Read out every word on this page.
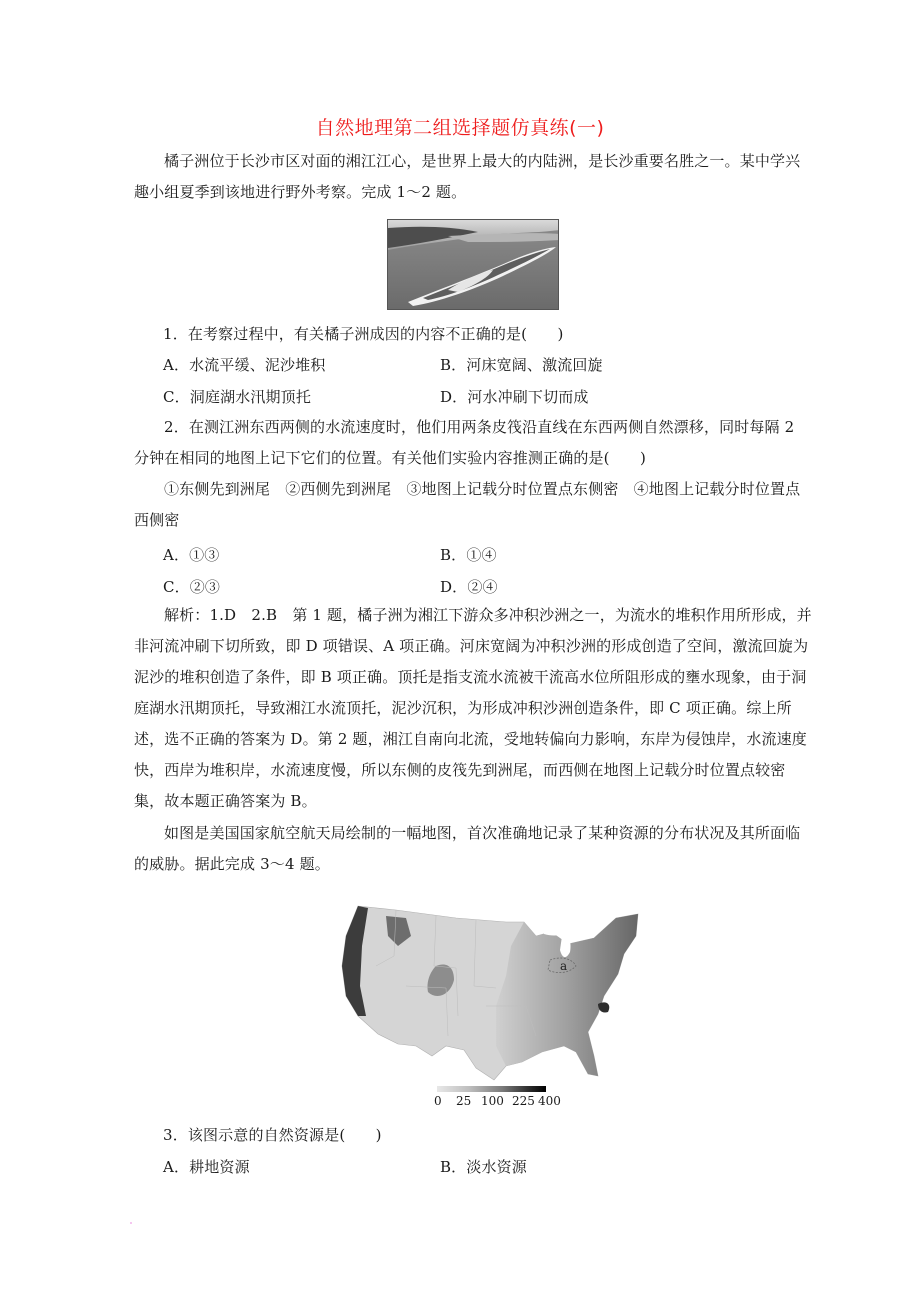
自然地理第二组选择题仿真练(一)
橘子洲位于长沙市区对面的湘江江心，是世界上最大的内陆洲，是长沙重要名胜之一。某中学兴趣小组夏季到该地进行野外考察。完成 1～2 题。
1．在考察过程中，有关橘子洲成因的内容不正确的是(　　)
A．水流平缓、泥沙堆积	B．河床宽阔、激流回旋
C．洞庭湖水汛期顶托	D．河水冲刷下切而成
2．在测江洲东西两侧的水流速度时，他们用两条皮筏沿直线在东西两侧自然漂移，同时每隔 2 分钟在相同的地图上记下它们的位置。有关他们实验内容推测正确的是(　　)
①东侧先到洲尾　②西侧先到洲尾　③地图上记载分时位置点东侧密　④地图上记载分时位置点西侧密
A．①③	B．①④
C．②③	D．②④
解析：1.D　2.B　第 1 题，橘子洲为湘江下游众多冲积沙洲之一，为流水的堆积作用所形成，并非河流冲刷下切所致，即 D 项错误、A 项正确。河床宽阔为冲积沙洲的形成创造了空间，激流回旋为泥沙的堆积创造了条件，即 B 项正确。顶托是指支流水流被干流高水位所阻形成的壅水现象，由于洞庭湖水汛期顶托，导致湘江水流顶托，泥沙沉积，为形成冲积沙洲创造条件，即 C 项正确。综上所述，选不正确的答案为 D。第 2 题，湘江自南向北流，受地转偏向力影响，东岸为侵蚀岸，水流速度快，西岸为堆积岸，水流速度慢，所以东侧的皮筏先到洲尾，而西侧在地图上记载分时位置点较密集，故本题正确答案为 B。
如图是美国国家航空航天局绘制的一幅地图，首次准确地记录了某种资源的分布状况及其所面临的威胁。据此完成 3～4 题。
a
0 25 100 225 400
3．该图示意的自然资源是(　　)
A．耕地资源	B．淡水资源
